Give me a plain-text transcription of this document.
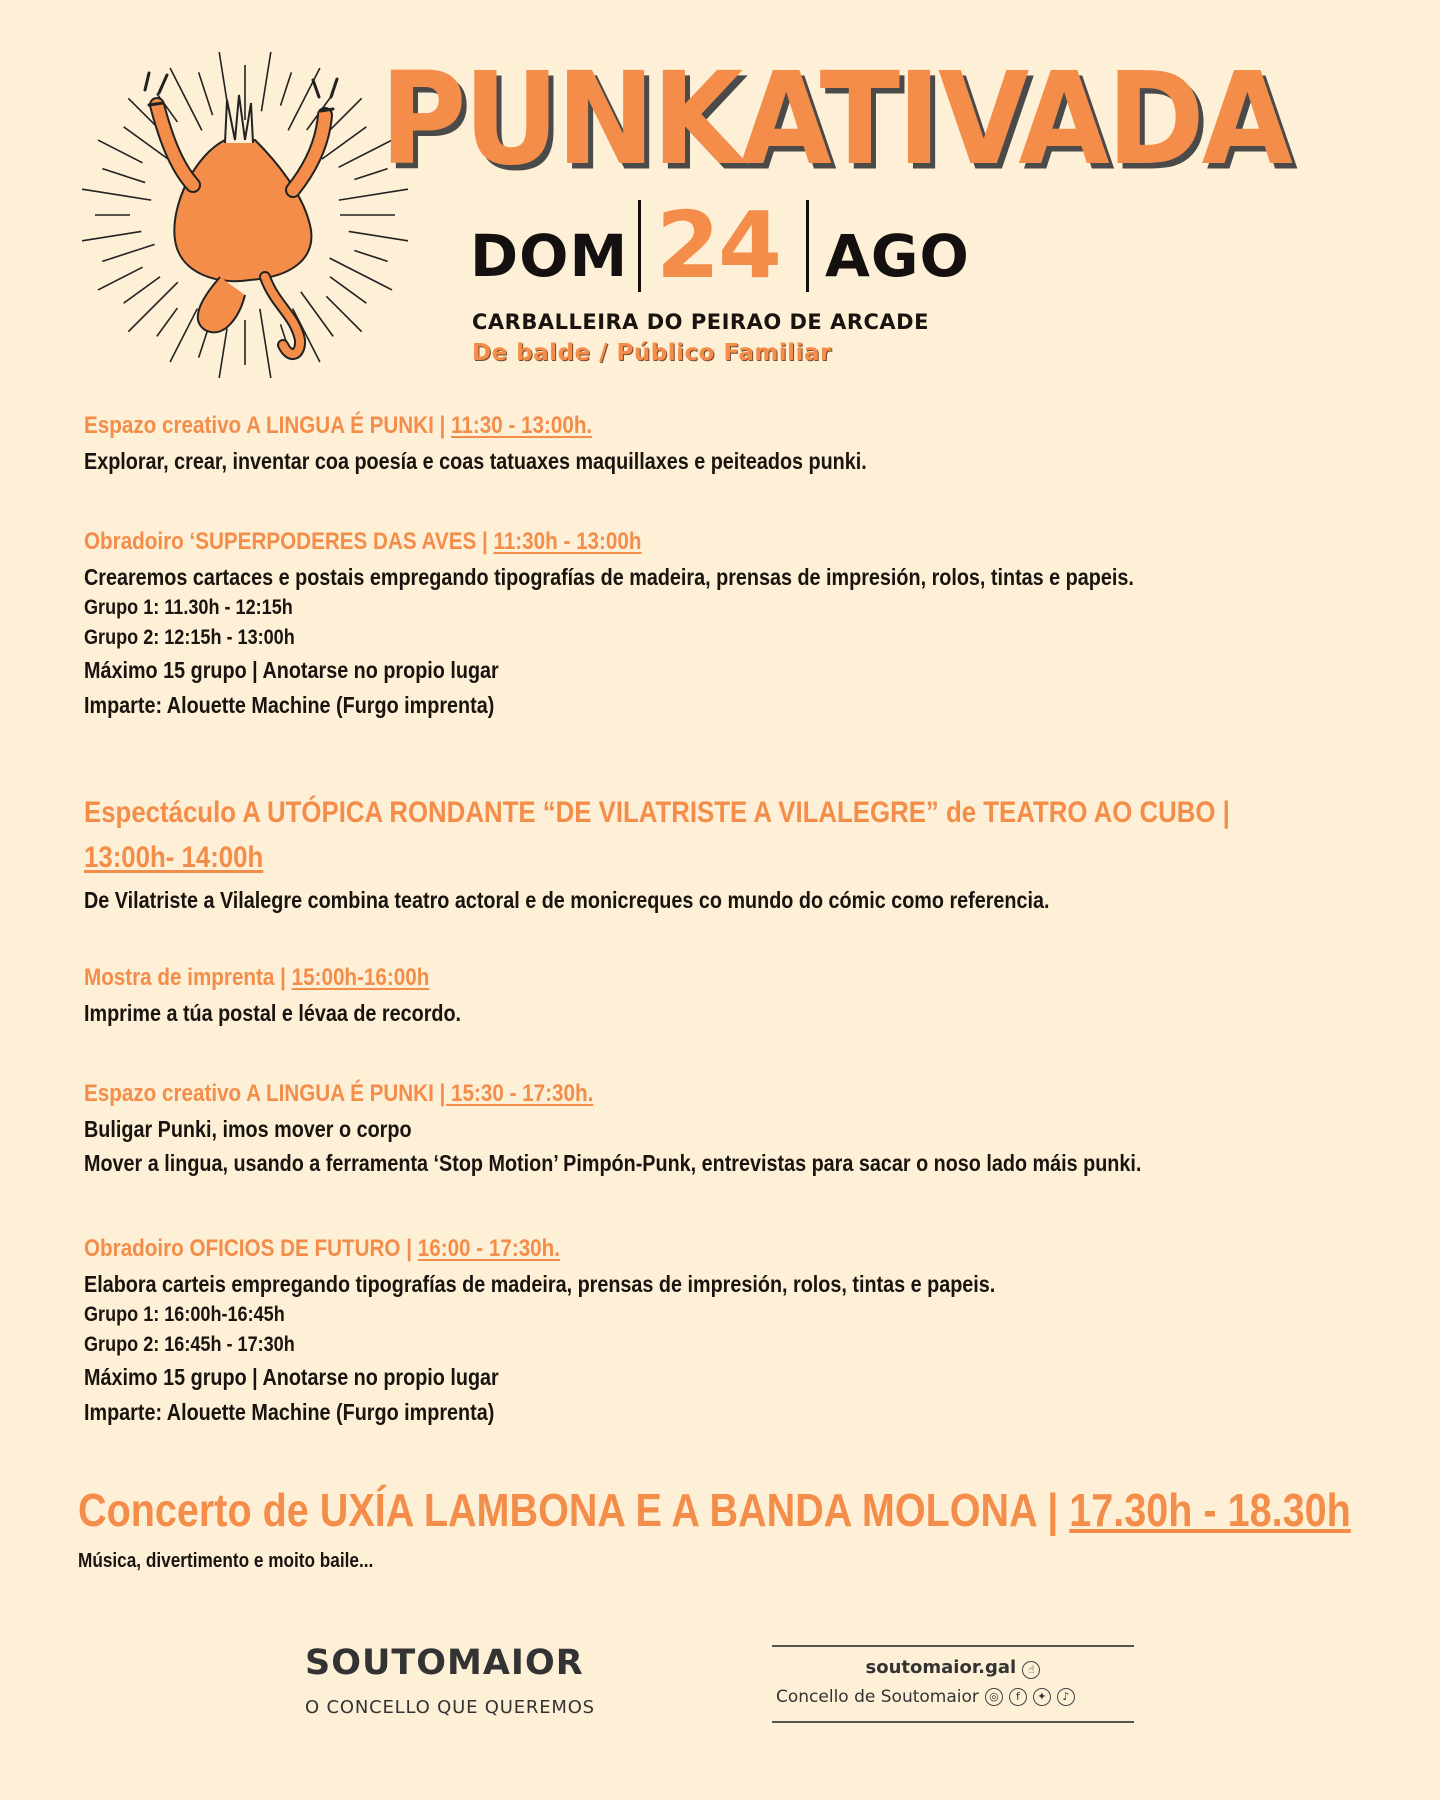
PUNKATIVADA
DOM 24 AGO
CARBALLEIRA DO PEIRAO DE ARCADE
De balde / Público Familiar
Espazo creativo A LINGUA É PUNKI | 11:30 - 13:00h.
Explorar, crear, inventar coa poesía e coas tatuaxes maquillaxes e peiteados punki.
Obradoiro ‘SUPERPODERES DAS AVES | 11:30h - 13:00h
Crearemos cartaces e postais empregando tipografías de madeira, prensas de impresión, rolos, tintas e papeis.
Grupo 1: 11.30h - 12:15h
Grupo 2: 12:15h - 13:00h
Máximo 15 grupo | Anotarse no propio lugar
Imparte: Alouette Machine (Furgo imprenta)
Espectáculo A UTÓPICA RONDANTE “DE VILATRISTE A VILALEGRE” de TEATRO AO CUBO |
13:00h- 14:00h
De Vilatriste a Vilalegre combina teatro actoral e de monicreques co mundo do cómic como referencia.
Mostra de imprenta | 15:00h-16:00h
Imprime a túa postal e lévaa de recordo.
Espazo creativo A LINGUA É PUNKI | 15:30 - 17:30h.
Buligar Punki, imos mover o corpo
Mover a lingua, usando a ferramenta ‘Stop Motion’ Pimpón-Punk, entrevistas para sacar o noso lado máis punki.
Obradoiro OFICIOS DE FUTURO | 16:00 - 17:30h.
Elabora carteis empregando tipografías de madeira, prensas de impresión, rolos, tintas e papeis.
Grupo 1: 16:00h-16:45h
Grupo 2: 16:45h - 17:30h
Máximo 15 grupo | Anotarse no propio lugar
Imparte: Alouette Machine (Furgo imprenta)
Concerto de UXÍA LAMBONA E A BANDA MOLONA | 17.30h - 18.30h
Música, divertimento e moito baile...
SOUTOMAIOR
O CONCELLO QUE QUEREMOS
soutomaior.gal ☝
Concello de Soutomaior ◎	f	✦	♪
